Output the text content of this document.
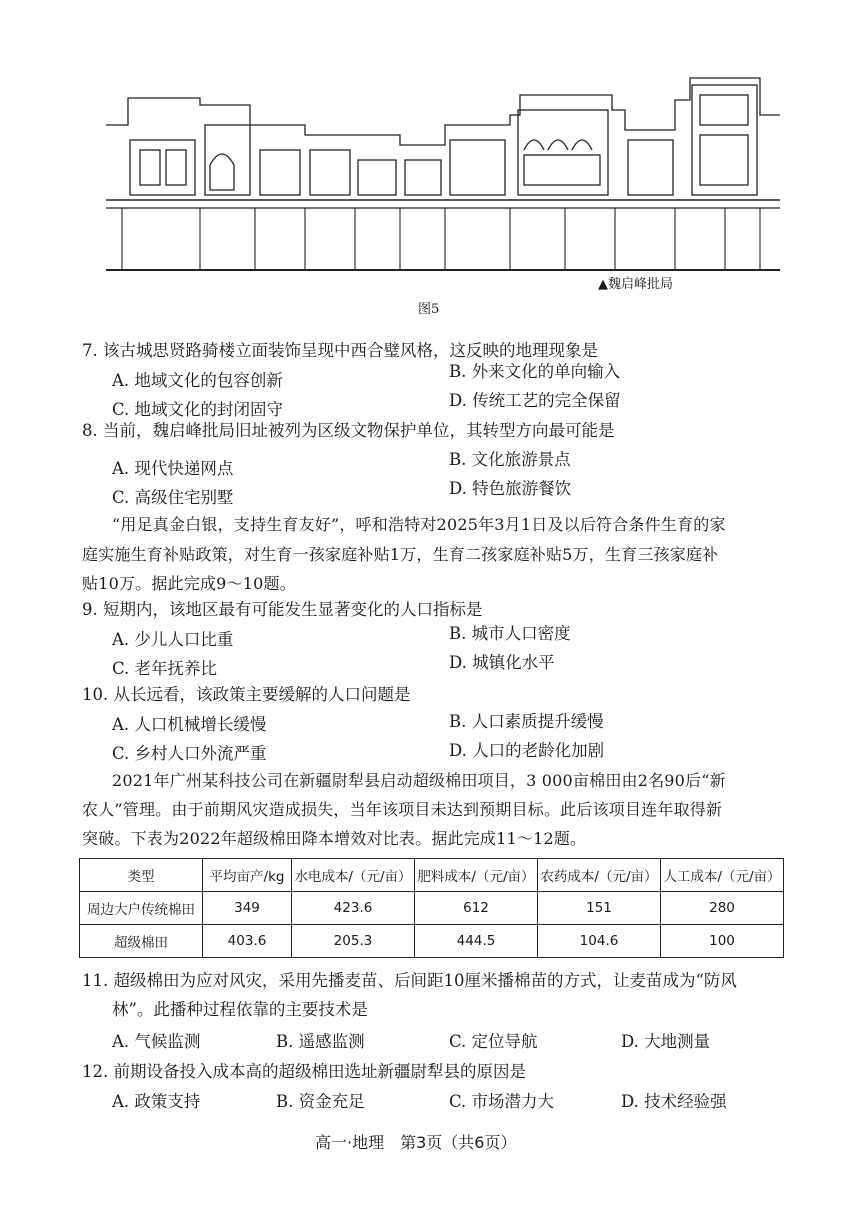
▲魏启峰批局
图5
7. 该古城思贤路骑楼立面装饰呈现中西合璧风格，这反映的地理现象是
A. 地域文化的包容创新	B. 外来文化的单向输入
C. 地域文化的封闭固守	D. 传统工艺的完全保留
8. 当前，魏启峰批局旧址被列为区级文物保护单位，其转型方向最可能是
A. 现代快递网点	B. 文化旅游景点
C. 高级住宅别墅	D. 特色旅游餐饮
“用足真金白银，支持生育友好”，呼和浩特对2025年3月1日及以后符合条件生育的家
庭实施生育补贴政策，对生育一孩家庭补贴1万，生育二孩家庭补贴5万，生育三孩家庭补
贴10万。据此完成9～10题。
9. 短期内，该地区最有可能发生显著变化的人口指标是
A. 少儿人口比重	B. 城市人口密度
C. 老年抚养比	D. 城镇化水平
10. 从长远看，该政策主要缓解的人口问题是
A. 人口机械增长缓慢	B. 人口素质提升缓慢
C. 乡村人口外流严重	D. 人口的老龄化加剧
2021年广州某科技公司在新疆尉犁县启动超级棉田项目，3 000亩棉田由2名90后“新
农人”管理。由于前期风灾造成损失，当年该项目未达到预期目标。此后该项目连年取得新
突破。下表为2022年超级棉田降本增效对比表。据此完成11～12题。
类型	平均亩产/kg	水电成本/（元/亩）	肥料成本/（元/亩）	农药成本/（元/亩）	人工成本/（元/亩）
周边大户传统棉田	349	423.6	612	151	280
超级棉田	403.6	205.3	444.5	104.6	100
11. 超级棉田为应对风灾，采用先播麦苗、后间距10厘米播棉苗的方式，让麦苗成为“防风
林”。此播种过程依靠的主要技术是
A. 气候监测	B. 遥感监测	C. 定位导航	D. 大地测量
12. 前期设备投入成本高的超级棉田选址新疆尉犁县的原因是
A. 政策支持	B. 资金充足	C. 市场潜力大	D. 技术经验强
高一·地理　第3页（共6页）
